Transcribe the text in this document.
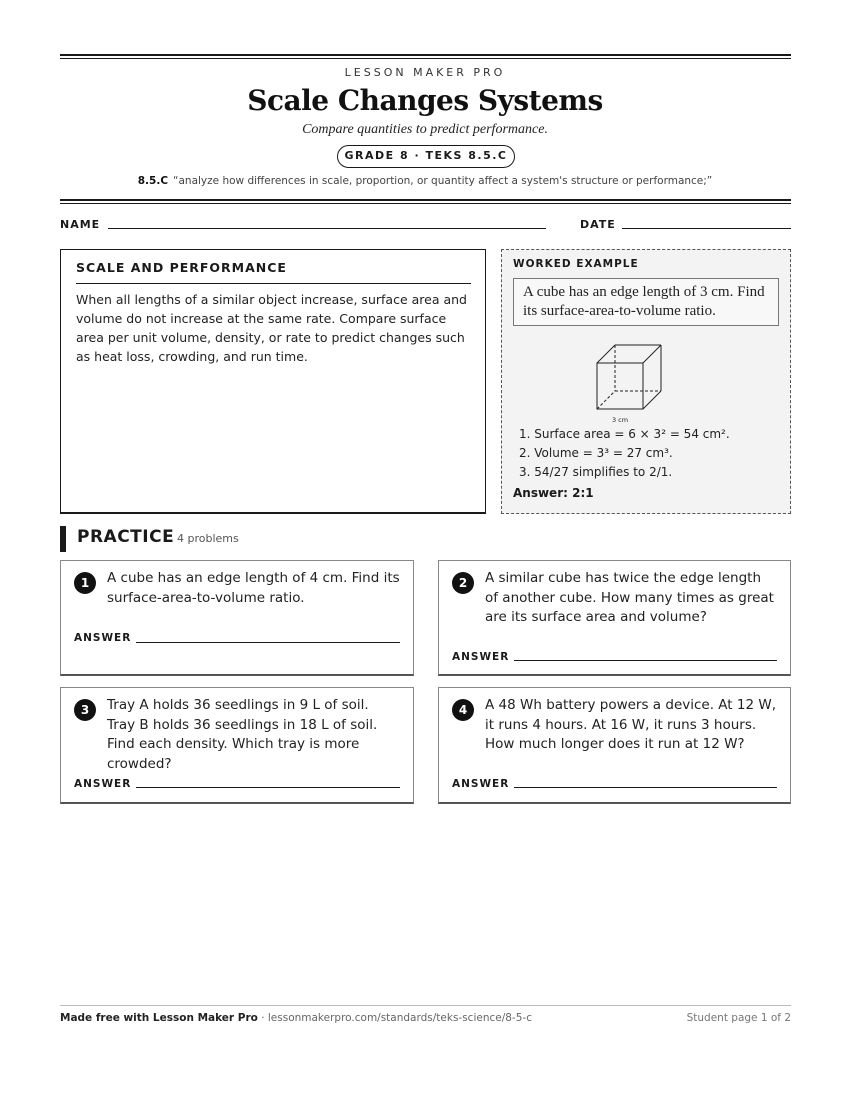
LESSON MAKER PRO
Scale Changes Systems
Compare quantities to predict performance.
GRADE 8 · TEKS 8.5.C
8.5.C “analyze how differences in scale, proportion, or quantity affect a system's structure or performance;”
NAME	DATE
SCALE AND PERFORMANCE

When all lengths of a similar object increase, surface area and volume do not increase at the same rate. Compare surface area per unit volume, density, or rate to predict changes such as heat loss, crowding, and run time.

WORKED EXAMPLE
A cube has an edge length of 3 cm. Find its surface-area-to-volume ratio.
3 cm
1. Surface area = 6 × 3² = 54 cm².
2. Volume = 3³ = 27 cm³.
3. 54/27 simplifies to 2/1.
Answer: 2:1
PRACTICE 4 problems
1	A cube has an edge length of 4 cm. Find its surface-area-to-volume ratio.
ANSWER
2	A similar cube has twice the edge length of another cube. How many times as great are its surface area and volume?
ANSWER
3	Tray A holds 36 seedlings in 9 L of soil. Tray B holds 36 seedlings in 18 L of soil. Find each density. Which tray is more crowded?
ANSWER
4	A 48 Wh battery powers a device. At 12 W, it runs 4 hours. At 16 W, it runs 3 hours. How much longer does it run at 12 W?
ANSWER
Made free with Lesson Maker Pro · lessonmakerpro.com/standards/teks-science/8-5-c	Student page 1 of 2
